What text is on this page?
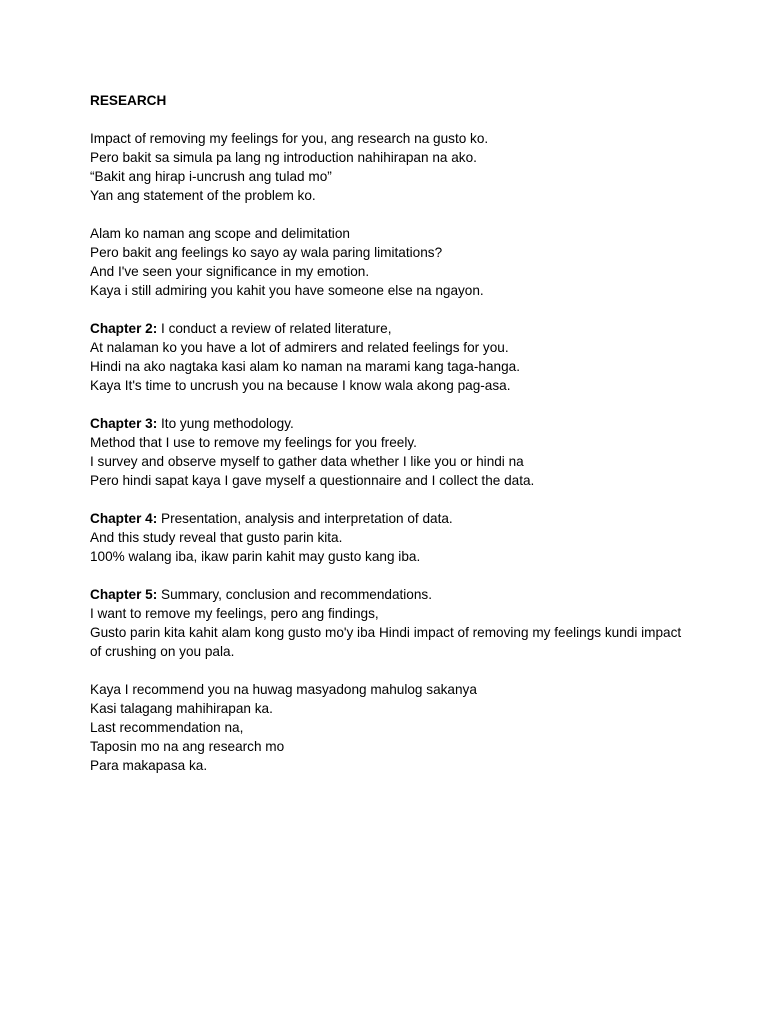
RESEARCH

Impact of removing my feelings for you, ang research na gusto ko.
Pero bakit sa simula pa lang ng introduction nahihirapan na ako.
“Bakit ang hirap i-uncrush ang tulad mo”
Yan ang statement of the problem ko.
Alam ko naman ang scope and delimitation
Pero bakit ang feelings ko sayo ay wala paring limitations?
And I've seen your significance in my emotion.
Kaya i still admiring you kahit you have someone else na ngayon.
Chapter 2: I conduct a review of related literature,
At nalaman ko you have a lot of admirers and related feelings for you.
Hindi na ako nagtaka kasi alam ko naman na marami kang taga-hanga.
Kaya It's time to uncrush you na because I know wala akong pag-asa.
Chapter 3: Ito yung methodology.
Method that I use to remove my feelings for you freely.
I survey and observe myself to gather data whether I like you or hindi na
Pero hindi sapat kaya I gave myself a questionnaire and I collect the data.
Chapter 4: Presentation, analysis and interpretation of data.
And this study reveal that gusto parin kita.
100% walang iba, ikaw parin kahit may gusto kang iba.
Chapter 5: Summary, conclusion and recommendations.
I want to remove my feelings, pero ang findings,
Gusto parin kita kahit alam kong gusto mo'y iba Hindi impact of removing my feelings kundi impact of crushing on you pala.
Kaya I recommend you na huwag masyadong mahulog sakanya
Kasi talagang mahihirapan ka.
Last recommendation na,
Taposin mo na ang research mo
Para makapasa ka.
